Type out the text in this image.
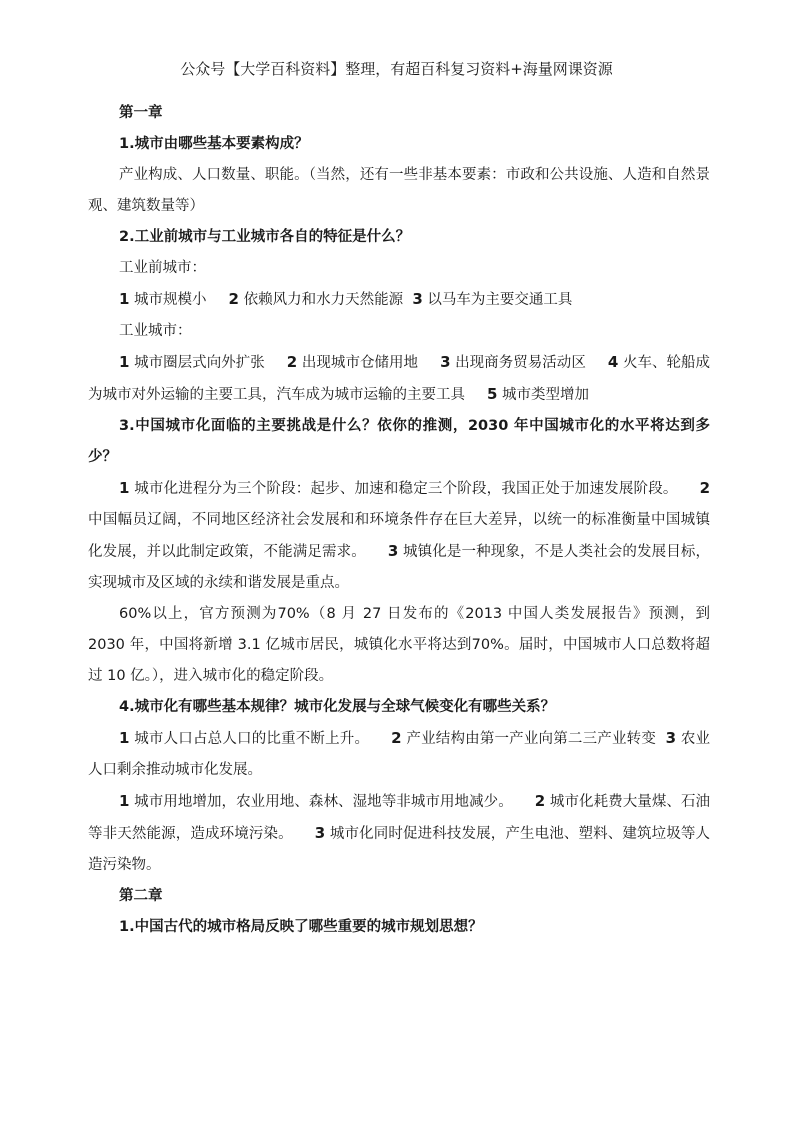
公众号【大学百科资料】整理，有超百科复习资料+海量网课资源

第一章

1.城市由哪些基本要素构成？

产业构成、人口数量、职能。（当然，还有一些非基本要素：市政和公共设施、人造和自然景观、建筑数量等）

2.工业前城市与工业城市各自的特征是什么？

工业前城市：

1 城市规模小 2 依赖风力和水力天然能源 3 以马车为主要交通工具

工业城市：

1 城市圈层式向外扩张 2 出现城市仓储用地 3 出现商务贸易活动区 4 火车、轮船成为城市对外运输的主要工具，汽车成为城市运输的主要工具 5 城市类型增加

3.中国城市化面临的主要挑战是什么？依你的推测，2030 年中国城市化的水平将达到多少？

1 城市化进程分为三个阶段：起步、加速和稳定三个阶段，我国正处于加速发展阶段。 2 中国幅员辽阔，不同地区经济社会发展和和环境条件存在巨大差异，以统一的标准衡量中国城镇化发展，并以此制定政策，不能满足需求。 3 城镇化是一种现象，不是人类社会的发展目标，实现城市及区域的永续和谐发展是重点。

60%以上，官方预测为70%（8 月 27 日发布的《2013 中国人类发展报告》预测，到 2030 年，中国将新增 3.1 亿城市居民，城镇化水平将达到70%。届时，中国城市人口总数将超过 10 亿。），进入城市化的稳定阶段。

4.城市化有哪些基本规律？城市化发展与全球气候变化有哪些关系？

1 城市人口占总人口的比重不断上升。 2 产业结构由第一产业向第二三产业转变 3 农业人口剩余推动城市化发展。

1 城市用地增加，农业用地、森林、湿地等非城市用地减少。 2 城市化耗费大量煤、石油等非天然能源，造成环境污染。 3 城市化同时促进科技发展，产生电池、塑料、建筑垃圾等人造污染物。

第二章

1.中国古代的城市格局反映了哪些重要的城市规划思想？
